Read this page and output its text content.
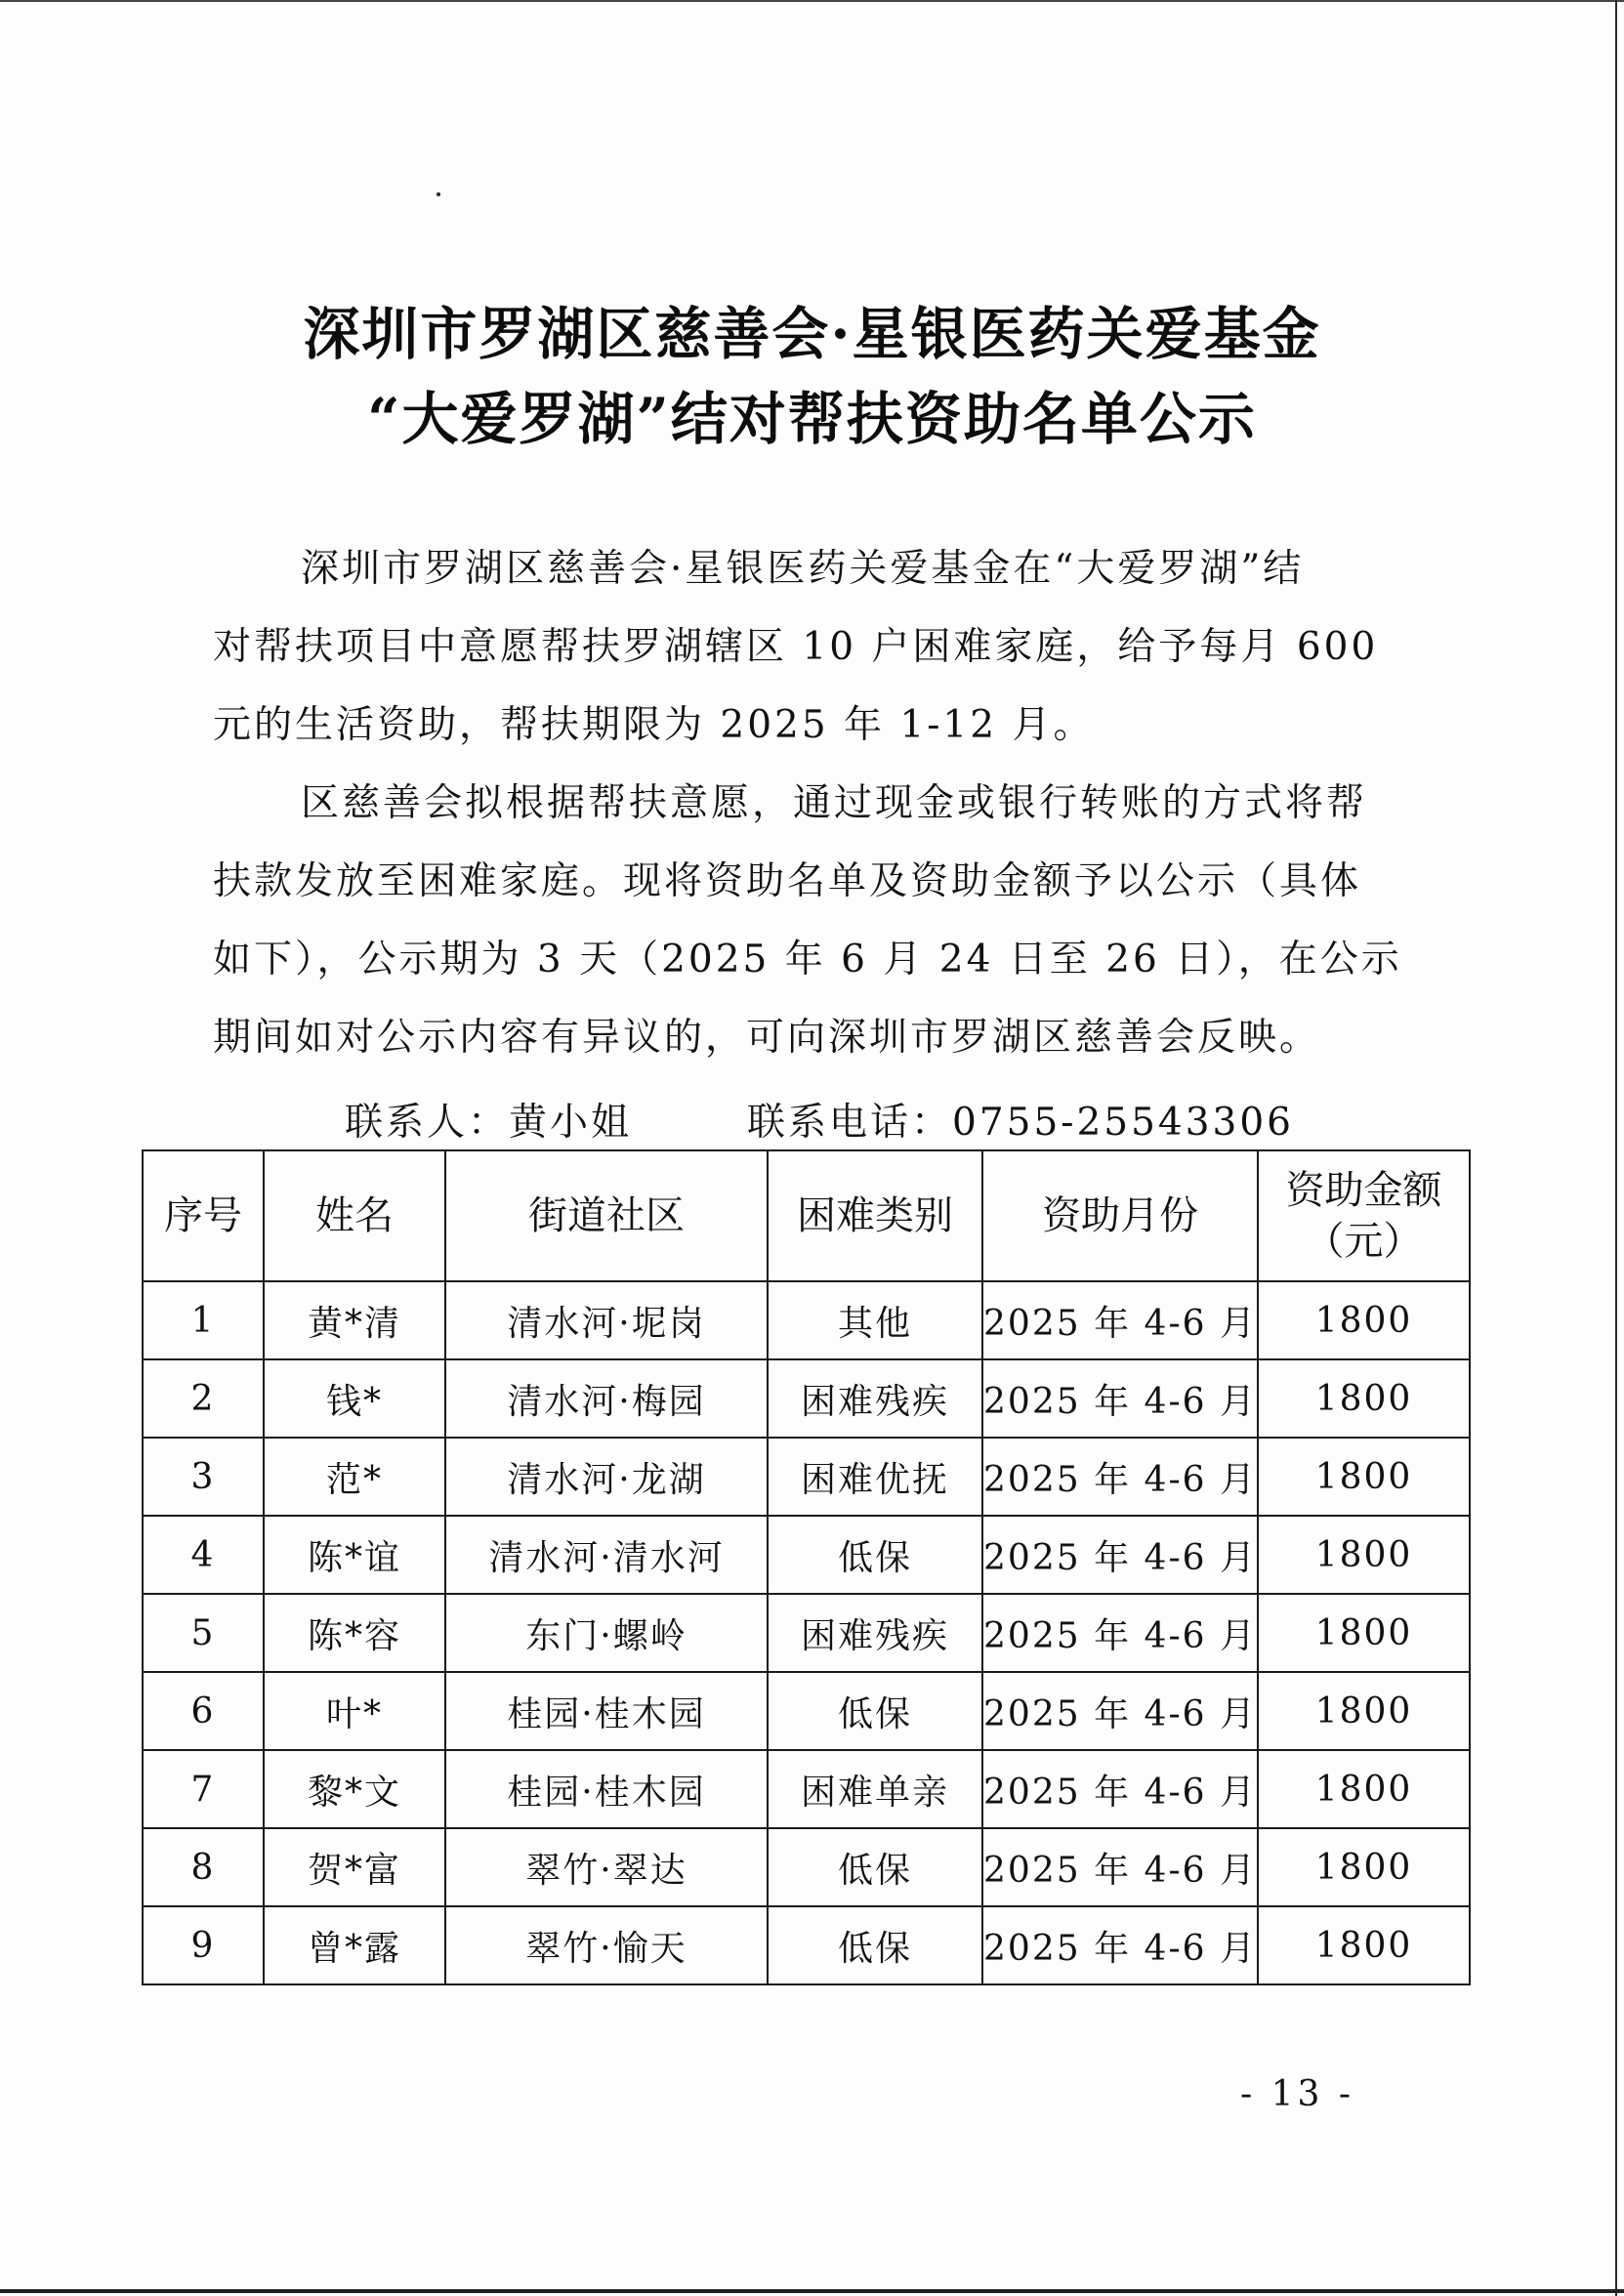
深圳市罗湖区慈善会·星银医药关爱基金
“大爱罗湖”结对帮扶资助名单公示
深圳市罗湖区慈善会·星银医药关爱基金在“大爱罗湖”结
对帮扶项目中意愿帮扶罗湖辖区 10 户困难家庭，给予每月 600
元的生活资助，帮扶期限为 2025 年 1-12 月。
区慈善会拟根据帮扶意愿，通过现金或银行转账的方式将帮
扶款发放至困难家庭。现将资助名单及资助金额予以公示（具体
如下），公示期为 3 天（2025 年 6 月 24 日至 26 日），在公示
期间如对公示内容有异议的，可向深圳市罗湖区慈善会反映。
联系人：黄小姐	联系电话：0755-25543306
序号	姓名	街道社区	困难类别	资助月份	资助金额
（元）
1	黄*清	清水河·坭岗	其他	2025 年 4-6 月	1800
2	钱*	清水河·梅园	困难残疾	2025 年 4-6 月	1800
3	范*	清水河·龙湖	困难优抚	2025 年 4-6 月	1800
4	陈*谊	清水河·清水河	低保	2025 年 4-6 月	1800
5	陈*容	东门·螺岭	困难残疾	2025 年 4-6 月	1800
6	叶*	桂园·桂木园	低保	2025 年 4-6 月	1800
7	黎*文	桂园·桂木园	困难单亲	2025 年 4-6 月	1800
8	贺*富	翠竹·翠达	低保	2025 年 4-6 月	1800
9	曾*露	翠竹·愉天	低保	2025 年 4-6 月	1800
- 13 -
